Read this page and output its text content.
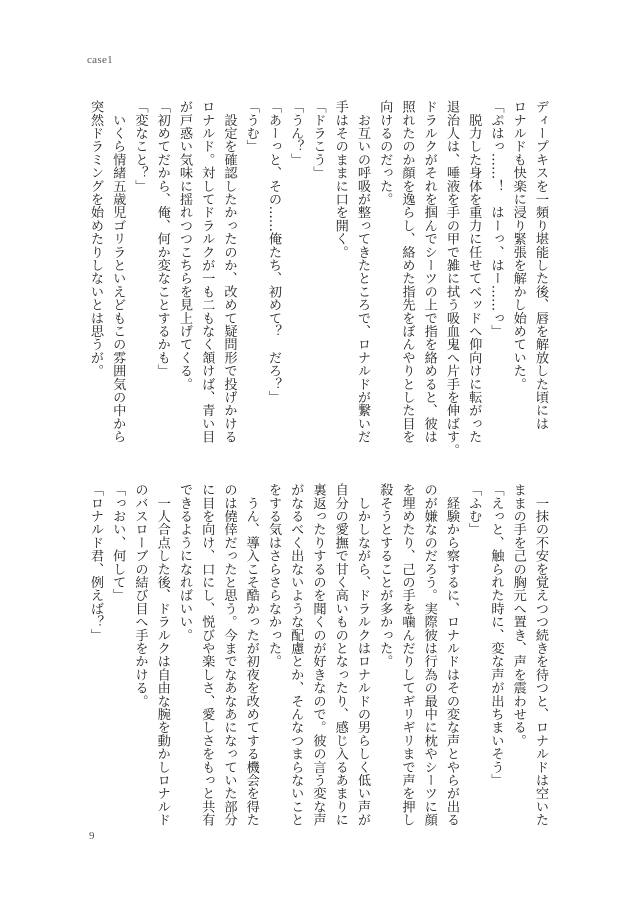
case1

ディープキスを一頻り堪能した後、唇を解放した頃には

ロナルドも快楽に浸り緊張を解かし始めていた。

「ぷはっ……！　はーっ、はー……っ」

　脱力した身体を重力に任せてベッドへ仰向けに転がった

退治人は、唾液を手の甲で雑に拭う吸血鬼へ片手を伸ばす。

ドラルクがそれを掴んでシーツの上で指を絡めると、彼は

照れたのか顔を逸らし、絡めた指先をぼんやりとした目を

向けるのだった。

　お互いの呼吸が整ってきたところで、ロナルドが繋いだ

手はそのままに口を開く。

「ドラこう」

「うん？」

「あーっと、その……俺たち、初めて？　だろ？」

「うむ」

　設定を確認したかったのか、改めて疑問形で投げかける

ロナルド。対してドラルクが一も二もなく頷けば、青い目

が戸惑い気味に揺れつつこちらを見上げてくる。

「初めてだから、俺、何か変なことするかも」

「変なこと？」

　いくら情緒五歳児ゴリラといえどもこの雰囲気の中から

突然ドラミングを始めたりしないとは思うが。

　一抹の不安を覚えつつ続きを待つと、ロナルドは空いた

ままの手を己の胸元へ置き、声を震わせる。

「えっと、触られた時に、変な声が出ちまいそう」

「ふむ」

　経験から察するに、ロナルドはその変な声とやらが出る

のが嫌なのだろう。実際彼は行為の最中に枕やシーツに顔

を埋めたり、己の手を噛んだりしてギリギリまで声を押し

殺そうとすることが多かった。

　しかしながら、ドラルクはロナルドの男らしく低い声が

自分の愛撫で甘く高いものとなったり、感じ入るあまりに

裏返ったりするのを聞くのが好きなので。彼の言う変な声

がなるべく出ないような配慮とか、そんなつまらないこと

をする気はさらさらなかった。

　うん、導入こそ酷かったが初夜を改めてする機会を得た

のは僥倖だったと思う。今までなあなあになっていた部分

に目を向け、口にし、悦びや楽しさ、愛しさをもっと共有

できるようになればいい。

　一人合点した後、ドラルクは自由な腕を動かしロナルド

のバスローブの結び目へ手をかける。

「っおい、何して」

「ロナルド君、例えば？」

9
